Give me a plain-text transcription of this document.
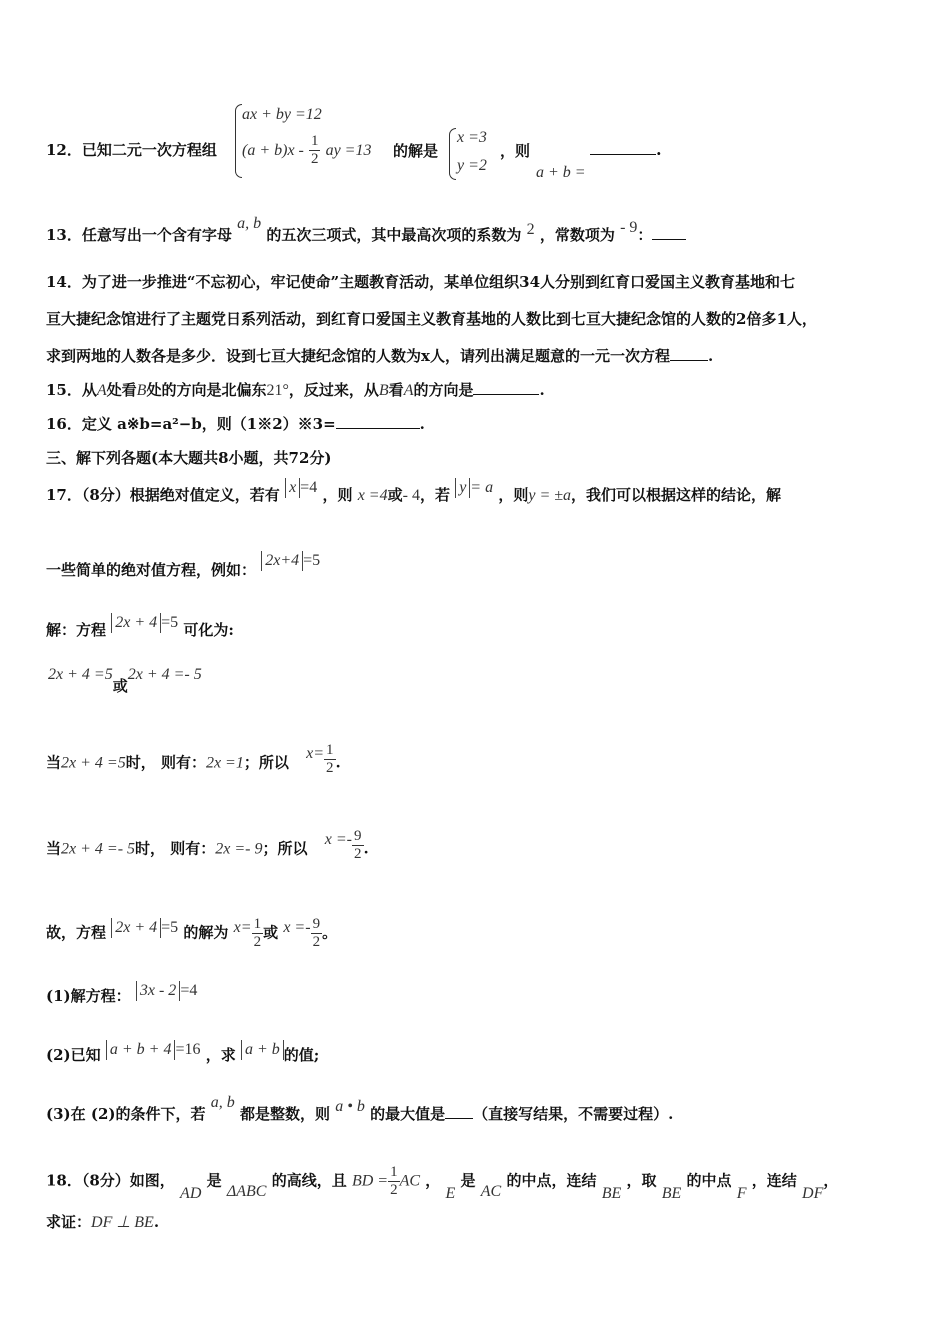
ax + by =12
12．已知二元一次方程组 $(a + b)x - \frac{1}{2}$ ay =13 的解是
x =3
y =2
，则
a + b =
.
13．任意写出一个含有字母 a, b 的五次三项式，其中最高次项的系数为 2 ，常数项为 - 9：
14．为了进一步推进“不忘初心，牢记使命”主题教育活动，某单位组织34人分别到红育口爱国主义教育基地和七
亘大捷纪念馆进行了主题党日系列活动，到红育口爱国主义教育基地的人数比到七亘大捷纪念馆的人数的2倍多1人，
求到两地的人数各是多少．设到七亘大捷纪念馆的人数为x人，请列出满足题意的一元一次方程	.
15．从A处看B处的方向是北偏东21°，反过来，从B看A的方向是	.
16．定义 a※b=a²−b，则（1※2）※3=	.
三、解下列各题(本大题共8小题，共72分)
17．（8分）根据绝对值定义，若有 x =4 ，则 x =4或- 4，若 y = a ，则y = ±a，我们可以根据这样的结论，解
一些简单的绝对值方程，例如： 2x+4 =5
解：方程 2x + 4 =5 可化为:
2x + 4 =5或2x + 4 =- 5
当2x + 4 =5时， 则有：2x =1；所以 $x= \frac{1}{2}$ .
当2x + 4 =- 5时， 则有：2x =- 9；所以 $x =- \frac{9}{2}$ .
故，方程 2x + 4 =5 的解为 $x= \frac{1}{2}$ 或 $x =- \frac{9}{2}$ 。
(1)解方程： 3x - 2 =4
(2)已知 a + b + 4 =16 ，求 a + b 的值;
(3)在 (2)的条件下，若 a, b 都是整数，则 a • b 的最大值是 （直接写结果，不需要过程）.
18．（8分）如图， AD 是 ΔABC 的高线，且 BD = $\frac{1}{2}$ AC ， E 是 AC 的中点，连结 BE ，取 BE 的中点 F ，连结 DF，
求证：DF ⊥ BE.
